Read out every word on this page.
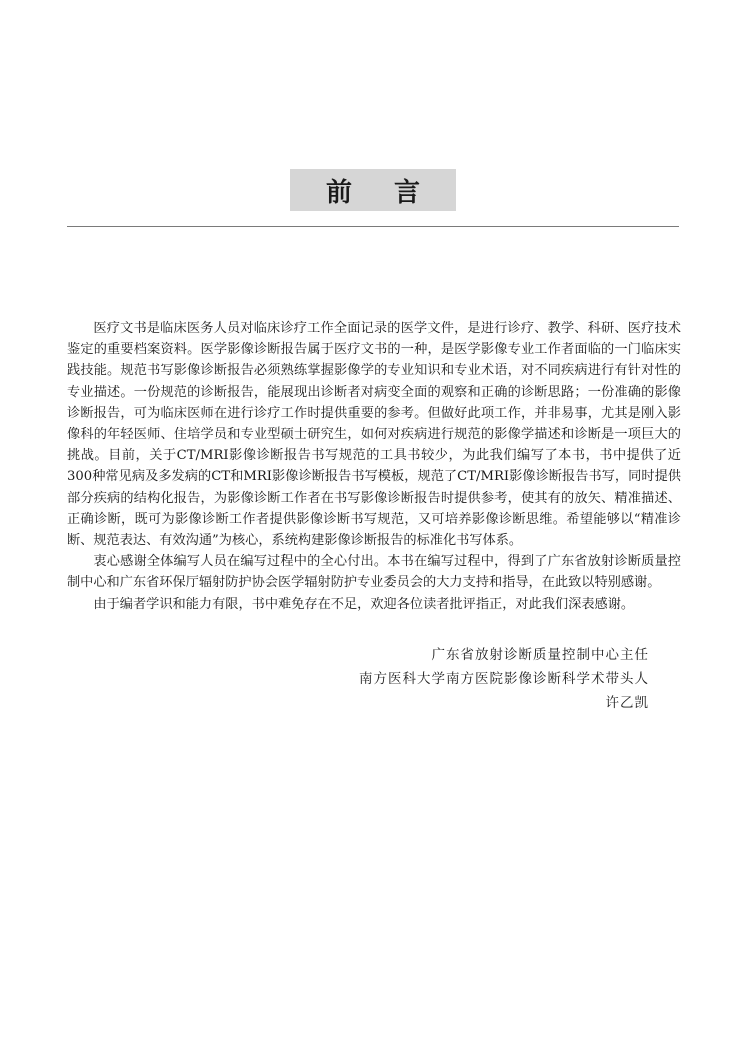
前言

医疗文书是临床医务人员对临床诊疗工作全面记录的医学文件，是进行诊疗、教学、科研、医疗技术鉴定的重要档案资料。医学影像诊断报告属于医疗文书的一种，是医学影像专业工作者面临的一门临床实践技能。规范书写影像诊断报告必须熟练掌握影像学的专业知识和专业术语，对不同疾病进行有针对性的专业描述。一份规范的诊断报告，能展现出诊断者对病变全面的观察和正确的诊断思路；一份准确的影像诊断报告，可为临床医师在进行诊疗工作时提供重要的参考。但做好此项工作，并非易事，尤其是刚入影像科的年轻医师、住培学员和专业型硕士研究生，如何对疾病进行规范的影像学描述和诊断是一项巨大的挑战。目前，关于CT/MRI影像诊断报告书写规范的工具书较少，为此我们编写了本书，书中提供了近300种常见病及多发病的CT和MRI影像诊断报告书写模板，规范了CT/MRI影像诊断报告书写，同时提供部分疾病的结构化报告，为影像诊断工作者在书写影像诊断报告时提供参考，使其有的放矢、精准描述、正确诊断，既可为影像诊断工作者提供影像诊断书写规范，又可培养影像诊断思维。希望能够以“精准诊断、规范表达、有效沟通”为核心，系统构建影像诊断报告的标准化书写体系。

衷心感谢全体编写人员在编写过程中的全心付出。本书在编写过程中，得到了广东省放射诊断质量控制中心和广东省环保厅辐射防护协会医学辐射防护专业委员会的大力支持和指导，在此致以特别感谢。

由于编者学识和能力有限，书中难免存在不足，欢迎各位读者批评指正，对此我们深表感谢。

广东省放射诊断质量控制中心主任
南方医科大学南方医院影像诊断科学术带头人
许乙凯
